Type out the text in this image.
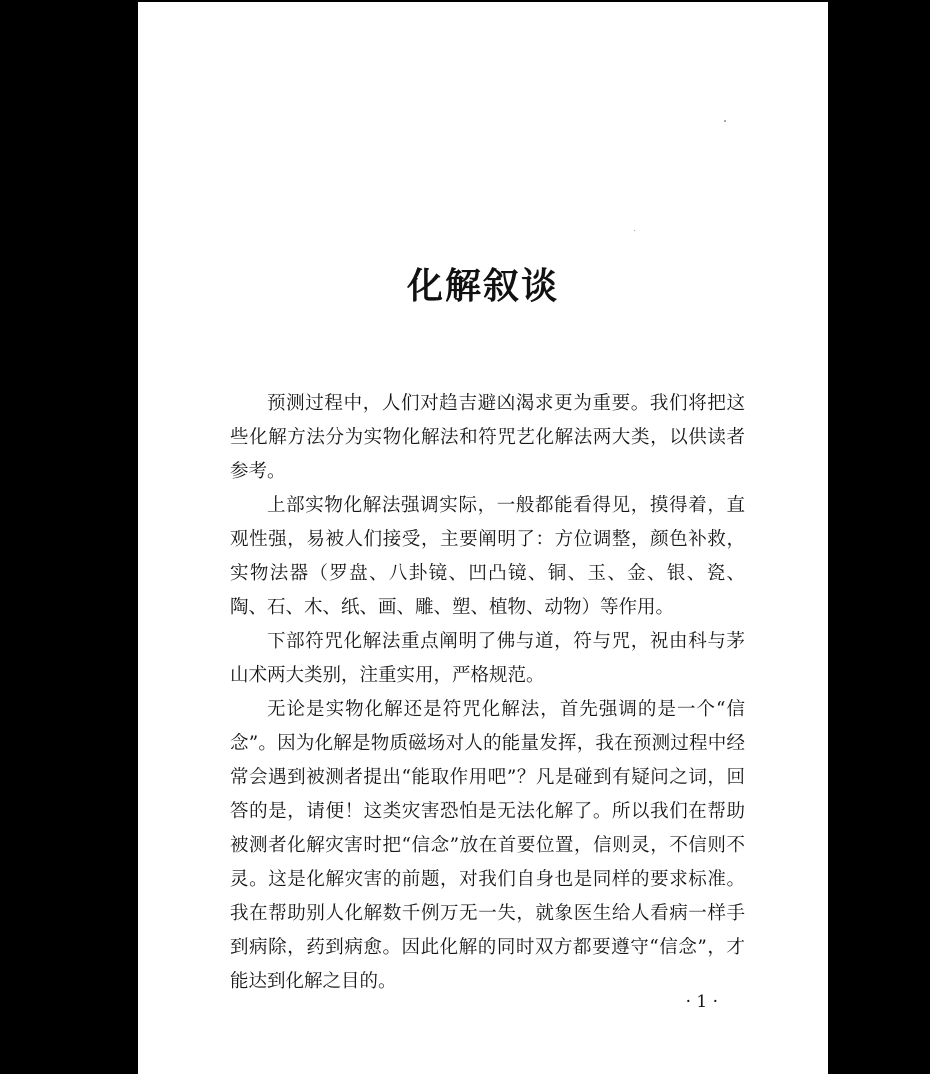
化解叙谈

预测过程中，人们对趋吉避凶渴求更为重要。我们将把这些化解方法分为实物化解法和符咒艺化解法两大类，以供读者参考。

上部实物化解法强调实际，一般都能看得见，摸得着，直观性强，易被人们接受，主要阐明了：方位调整，颜色补救，实物法器（罗盘、八卦镜、凹凸镜、铜、玉、金、银、瓷、陶、石、木、纸、画、雕、塑、植物、动物）等作用。

下部符咒化解法重点阐明了佛与道，符与咒，祝由科与茅山术两大类别，注重实用，严格规范。

无论是实物化解还是符咒化解法，首先强调的是一个“信念”。因为化解是物质磁场对人的能量发挥，我在预测过程中经常会遇到被测者提出“能取作用吧”？凡是碰到有疑问之词，回答的是，请便！这类灾害恐怕是无法化解了。所以我们在帮助被测者化解灾害时把“信念”放在首要位置，信则灵，不信则不灵。这是化解灾害的前题，对我们自身也是同样的要求标准。我在帮助别人化解数千例万无一失，就象医生给人看病一样手到病除，药到病愈。因此化解的同时双方都要遵守“信念”，才能达到化解之目的。

· 1 ·
